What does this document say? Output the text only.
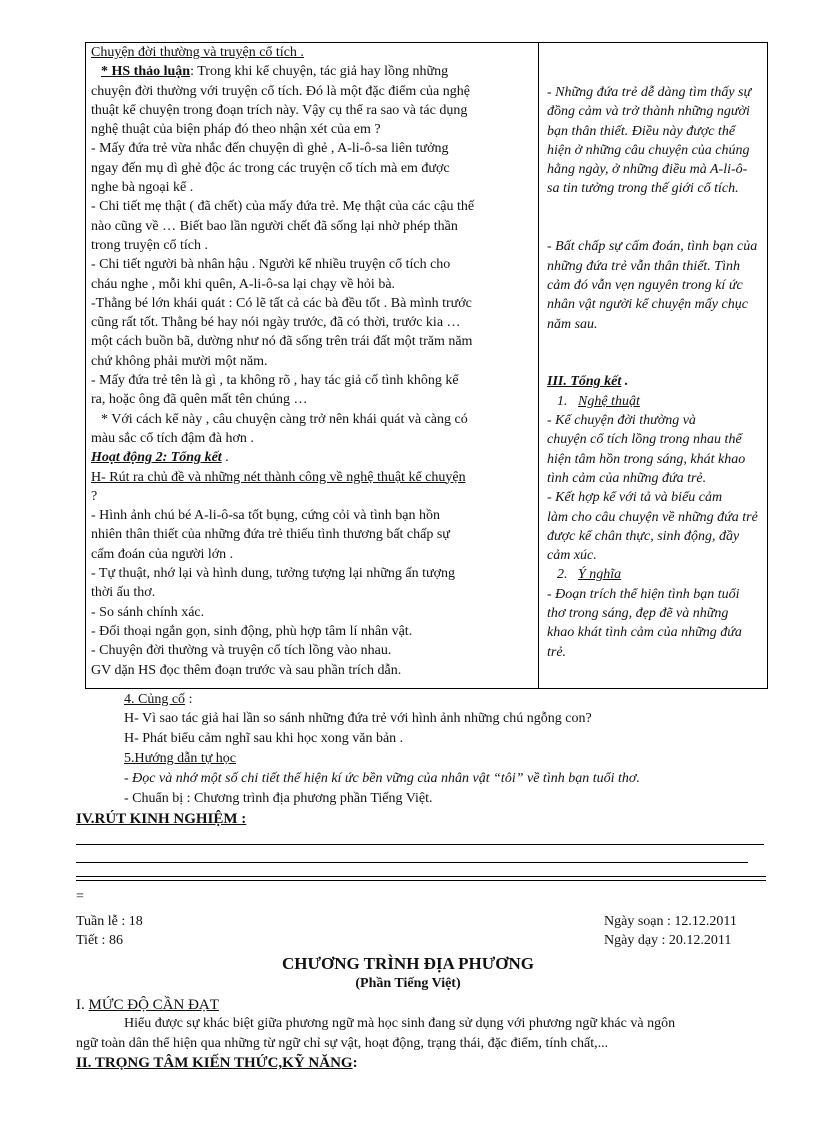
Chuyện đời thường và truyện cổ tích .
* HS thảo luận: Trong khi kể chuyện, tác giả hay lồng những
chuyện đời thường với truyện cổ tích. Đó là một đặc điểm của nghệ
thuật kể chuyện trong đoạn trích này. Vậy cụ thể ra sao và tác dụng
nghệ thuật của biện pháp đó theo nhận xét của em ?
- Mấy đứa trẻ vừa nhắc đến chuyện dì ghẻ , A-li-ô-sa liên tưởng
ngay đến mụ dì ghẻ độc ác trong các truyện cổ tích mà em được
nghe bà ngoại kể .
- Chi tiết mẹ thật ( đã chết) của mấy đứa trẻ. Mẹ thật của các cậu thế
nào cũng về … Biết bao lần người chết đã sống lại nhờ phép thần
trong truyện cổ tích .
- Chi tiết người bà nhân hậu . Người kể nhiều truyện cổ tích cho
cháu nghe , mỗi khi quên, A-li-ô-sa lại chạy về hỏi bà.
-Thằng bé lớn khái quát : Có lẽ tất cả các bà đều tốt . Bà mình trước
cũng rất tốt. Thằng bé hay nói ngày trước, đã có thời, trước kia …
một cách buồn bã, dường như nó đã sống trên trái đất một trăm năm
chứ không phải mười một năm.
- Mấy đứa trẻ tên là gì , ta không rõ , hay tác giả cố tình không kể
ra, hoặc ông đã quên mất tên chúng …
* Với cách kể này , câu chuyện càng trở nên khái quát và càng có
màu sắc cổ tích đậm đà hơn .
Hoạt động 2: Tổng kết .
H- Rút ra chủ đề và những nét thành công về nghệ thuật kể chuyện
?
- Hình ảnh chú bé A-li-ô-sa tốt bụng, cứng cỏi và tình bạn hồn
nhiên thân thiết của những đứa trẻ thiếu tình thương bất chấp sự
cấm đoán của người lớn .
- Tự thuật, nhớ lại và hình dung, tưởng tượng lại những ấn tượng
thời ấu thơ.
- So sánh chính xác.
- Đối thoại ngắn gọn, sinh động, phù hợp tâm lí nhân vật.
- Chuyện đời thường và truyện cổ tích lồng vào nhau.
GV dặn HS đọc thêm đoạn trước và sau phần trích dẫn.
- Những đứa trẻ dễ dàng tìm thấy sự
đồng cảm và trở thành những người
bạn thân thiết. Điều này được thể
hiện ở những câu chuyện của chúng
hằng ngày, ở những điều mà A-li-ô-
sa tin tưởng trong thế giới cổ tích.
- Bất chấp sự cấm đoán, tình bạn của
những đứa trẻ vẫn thân thiết. Tình
cảm đó vẫn vẹn nguyên trong kí ức
nhân vật người kể chuyện mấy chục
năm sau.
III. Tổng kết .
1. Nghệ thuật
- Kể chuyện đời thường và
chuyện cổ tích lồng trong nhau thể
hiện tâm hồn trong sáng, khát khao
tình cảm của những đứa trẻ.
- Kết hợp kể với tả và biểu cảm
làm cho câu chuyện về những đứa trẻ
được kể chân thực, sinh động, đầy
cảm xúc.
2. Ý nghĩa
- Đoạn trích thể hiện tình bạn tuổi
thơ trong sáng, đẹp đẽ và những
khao khát tình cảm của những đứa
trẻ.
4. Củng cố :
H- Vì sao tác giả hai lần so sánh những đứa trẻ với hình ảnh những chú ngỗng con?
H- Phát biểu cảm nghĩ sau khi học xong văn bản .
5.Hướng dẫn tự học
- Đọc và nhớ một số chi tiết thể hiện kí ức bền vững của nhân vật “tôi” về tình bạn tuổi thơ.
- Chuẩn bị : Chương trình địa phương phần Tiếng Việt.
IV.RÚT KINH NGHIỆM :
=
Tuần lễ : 18
Tiết : 86
Ngày soạn : 12.12.2011
Ngày dạy : 20.12.2011
CHƯƠNG TRÌNH ĐỊA PHƯƠNG
(Phần Tiếng Việt)
I. MỨC ĐỘ CẦN ĐẠT
Hiểu được sự khác biệt giữa phương ngữ mà học sinh đang sử dụng với phương ngữ khác và ngôn
ngữ toàn dân thể hiện qua những từ ngữ chỉ sự vật, hoạt động, trạng thái, đặc điểm, tính chất,...
II. TRỌNG TÂM KIẾN THỨC,KỸ NĂNG:
